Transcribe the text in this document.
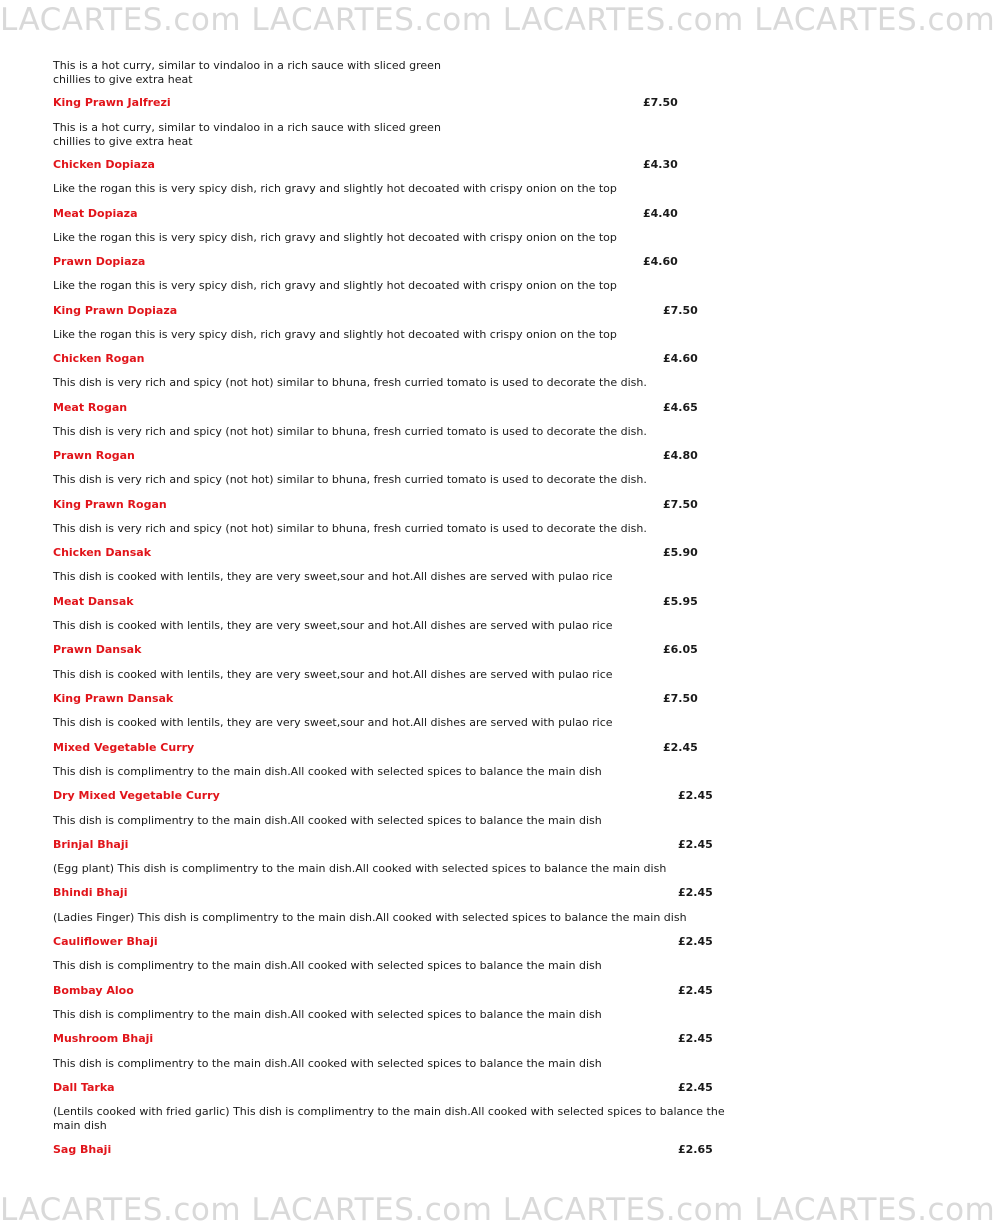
LACARTES.com LACARTES.com LACARTES.com LACARTES.com
LACARTES.com LACARTES.com LACARTES.com LACARTES.com
This is a hot curry, similar to vindaloo in a rich sauce with sliced green chillies to give extra heat
King Prawn Jalfrezi	£7.50
This is a hot curry, similar to vindaloo in a rich sauce with sliced green chillies to give extra heat
Chicken Dopiaza	£4.30
Like the rogan this is very spicy dish, rich gravy and slightly hot decoated with crispy onion on the top
Meat Dopiaza	£4.40
Like the rogan this is very spicy dish, rich gravy and slightly hot decoated with crispy onion on the top
Prawn Dopiaza	£4.60
Like the rogan this is very spicy dish, rich gravy and slightly hot decoated with crispy onion on the top
King Prawn Dopiaza	£7.50
Like the rogan this is very spicy dish, rich gravy and slightly hot decoated with crispy onion on the top
Chicken Rogan	£4.60
This dish is very rich and spicy (not hot) similar to bhuna, fresh curried tomato is used to decorate the dish.
Meat Rogan	£4.65
This dish is very rich and spicy (not hot) similar to bhuna, fresh curried tomato is used to decorate the dish.
Prawn Rogan	£4.80
This dish is very rich and spicy (not hot) similar to bhuna, fresh curried tomato is used to decorate the dish.
King Prawn Rogan	£7.50
This dish is very rich and spicy (not hot) similar to bhuna, fresh curried tomato is used to decorate the dish.
Chicken Dansak	£5.90
This dish is cooked with lentils, they are very sweet,sour and hot.All dishes are served with pulao rice
Meat Dansak	£5.95
This dish is cooked with lentils, they are very sweet,sour and hot.All dishes are served with pulao rice
Prawn Dansak	£6.05
This dish is cooked with lentils, they are very sweet,sour and hot.All dishes are served with pulao rice
King Prawn Dansak	£7.50
This dish is cooked with lentils, they are very sweet,sour and hot.All dishes are served with pulao rice
Mixed Vegetable Curry	£2.45
This dish is complimentry to the main dish.All cooked with selected spices to balance the main dish
Dry Mixed Vegetable Curry	£2.45
This dish is complimentry to the main dish.All cooked with selected spices to balance the main dish
Brinjal Bhaji	£2.45
(Egg plant) This dish is complimentry to the main dish.All cooked with selected spices to balance the main dish
Bhindi Bhaji	£2.45
(Ladies Finger) This dish is complimentry to the main dish.All cooked with selected spices to balance the main dish
Cauliflower Bhaji	£2.45
This dish is complimentry to the main dish.All cooked with selected spices to balance the main dish
Bombay Aloo	£2.45
This dish is complimentry to the main dish.All cooked with selected spices to balance the main dish
Mushroom Bhaji	£2.45
This dish is complimentry to the main dish.All cooked with selected spices to balance the main dish
Dall Tarka	£2.45
(Lentils cooked with fried garlic) This dish is complimentry to the main dish.All cooked with selected spices to balance the main dish
Sag Bhaji	£2.65
